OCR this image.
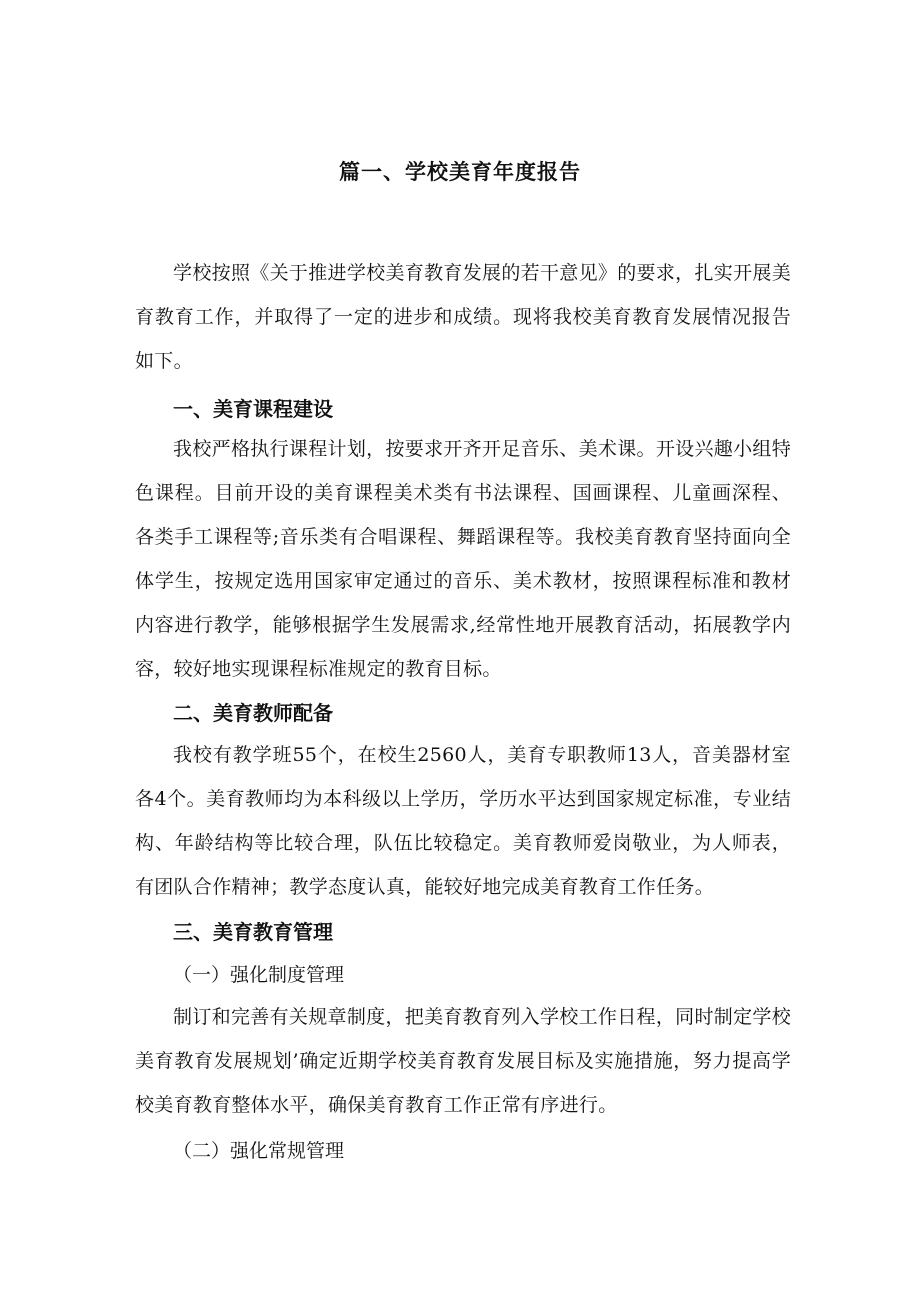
篇一、学校美育年度报告

学校按照《关于推进学校美育教育发展的若干意见》的要求，扎实开展美育教育工作，并取得了一定的进步和成绩。现将我校美育教育发展情况报告如下。

一、美育课程建设

我校严格执行课程计划，按要求开齐开足音乐、美术课。开设兴趣小组特色课程。目前开设的美育课程美术类有书法课程、国画课程、儿童画深程、各类手工课程等;音乐类有合唱课程、舞蹈课程等。我校美育教育坚持面向全体学生，按规定选用国家审定通过的音乐、美术教材，按照课程标准和教材内容进行教学，能够根据学生发展需求,经常性地开展教育活动，拓展教学内容，较好地实现课程标准规定的教育目标。

二、美育教师配备

我校有教学班55个，在校生2560人，美育专职教师13人，音美器材室各4个。美育教师均为本科级以上学历，学历水平达到国家规定标准，专业结构、年龄结构等比较合理，队伍比较稳定。美育教师爱岗敬业，为人师表，有团队合作精神；教学态度认真，能较好地完成美育教育工作任务。

三、美育教育管理

（一）强化制度管理

制订和完善有关规章制度，把美育教育列入学校工作日程，同时制定学校美育教育发展规划’确定近期学校美育教育发展目标及实施措施，努力提高学校美育教育整体水平，确保美育教育工作正常有序进行。

（二）强化常规管理
